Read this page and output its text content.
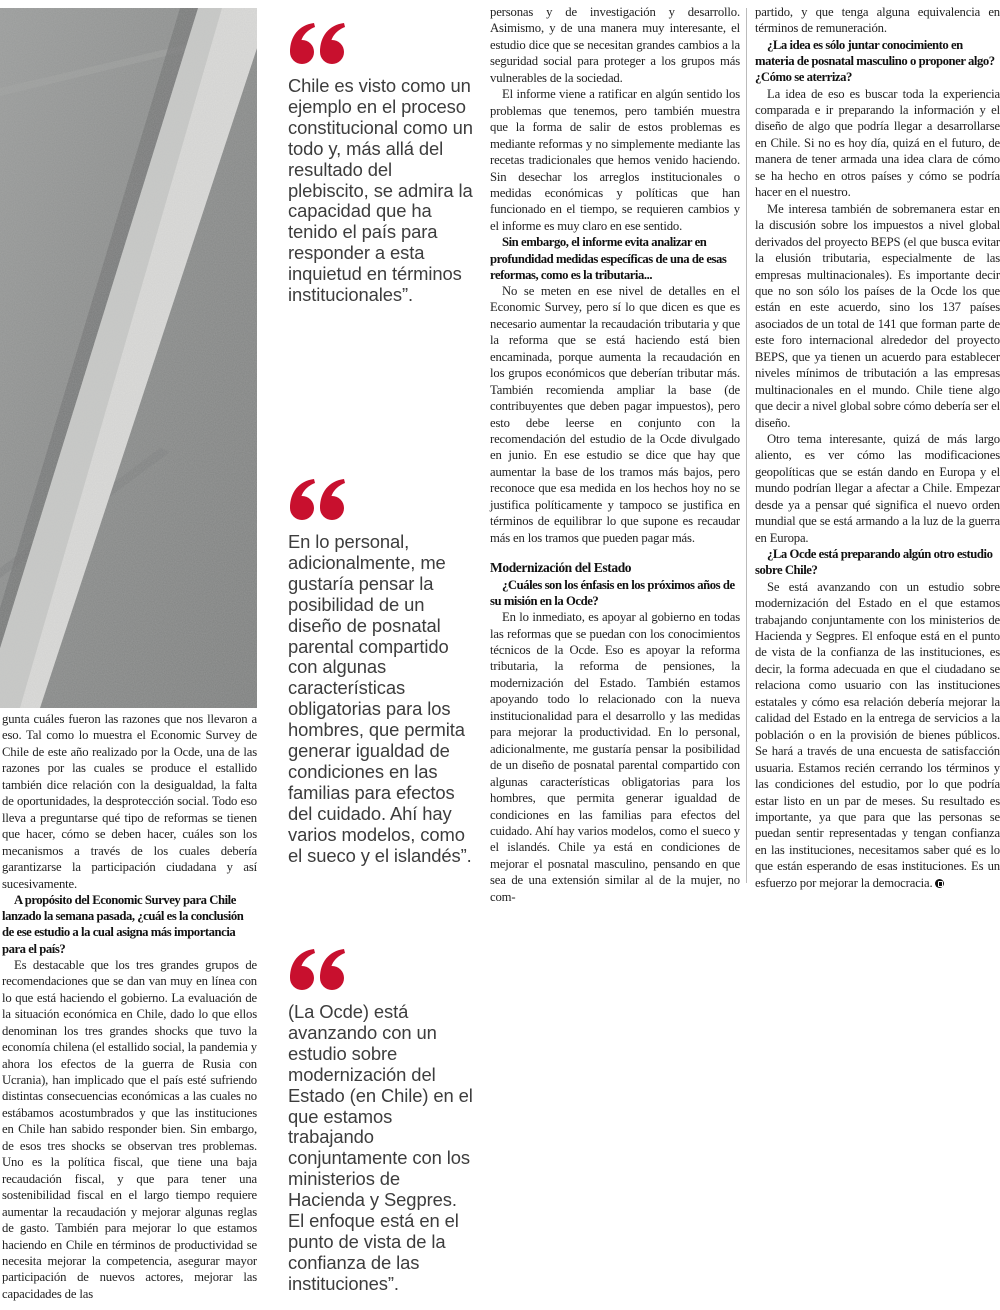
gunta cuáles fueron las razones que nos llevaron a eso. Tal como lo muestra el Economic Survey de Chile de este año realizado por la Ocde, una de las razones por las cuales se produce el estallido también dice relación con la desigualdad, la falta de oportunidades, la desprotección social. Todo eso lleva a preguntarse qué tipo de reformas se tienen que hacer, cómo se deben hacer, cuáles son los mecanismos a través de los cuales debería garantizarse la participación ciudadana y así sucesivamente.

A propósito del Economic Survey para Chile lanzado la semana pasada, ¿cuál es la conclusión de ese estudio a la cual asigna más importancia para el país?

Es destacable que los tres grandes grupos de recomendaciones que se dan van muy en línea con lo que está haciendo el gobierno. La evaluación de la situación económica en Chile, dado lo que ellos denominan los tres grandes shocks que tuvo la economía chilena (el estallido social, la pandemia y ahora los efectos de la guerra de Rusia con Ucrania), han implicado que el país esté sufriendo distintas consecuencias económicas a las cuales no estábamos acostumbrados y que las instituciones en Chile han sabido responder bien. Sin embargo, de esos tres shocks se observan tres problemas. Uno es la política fiscal, que tiene una baja recaudación fiscal, y que para tener una sostenibilidad fiscal en el largo tiempo requiere aumentar la recaudación y mejorar algunas reglas de gasto. También para mejorar lo que estamos haciendo en Chile en términos de productividad se necesita mejorar la competencia, asegurar mayor participación de nuevos actores, mejorar las capacidades de las

Chile es visto como un ejemplo en el proceso constitucional como un todo y, más allá del resultado del plebiscito, se admira la capacidad que ha tenido el país para responder a esta inquietud en términos institucionales”.
En lo personal, adicionalmente, me gustaría pensar la posibilidad de un diseño de posnatal parental compartido con algunas características obligatorias para los hombres, que permita generar igualdad de condiciones en las familias para efectos del cuidado. Ahí hay varios modelos, como el sueco y el islandés”.
(La Ocde) está avanzando con un estudio sobre modernización del Estado (en Chile) en el que estamos trabajando conjuntamente con los ministerios de Hacienda y Segpres. El enfoque está en el punto de vista de la confianza de las instituciones”.

personas y de investigación y desarrollo. Asimismo, y de una manera muy interesante, el estudio dice que se necesitan grandes cambios a la seguridad social para proteger a los grupos más vulnerables de la sociedad.

El informe viene a ratificar en algún sentido los problemas que tenemos, pero también muestra que la forma de salir de estos problemas es mediante reformas y no simplemente mediante las recetas tradicionales que hemos venido haciendo. Sin desechar los arreglos institucionales o medidas económicas y políticas que han funcionado en el tiempo, se requieren cambios y el informe es muy claro en ese sentido.

Sin embargo, el informe evita analizar en profundidad medidas específicas de una de esas reformas, como es la tributaria...

No se meten en ese nivel de detalles en el Economic Survey, pero sí lo que dicen es que es necesario aumentar la recaudación tributaria y que la reforma que se está haciendo está bien encaminada, porque aumenta la recaudación en los grupos económicos que deberían tributar más. También recomienda ampliar la base (de contribuyentes que deben pagar impuestos), pero esto debe leerse en conjunto con la recomendación del estudio de la Ocde divulgado en junio. En ese estudio se dice que hay que aumentar la base de los tramos más bajos, pero reconoce que esa medida en los hechos hoy no se justifica políticamente y tampoco se justifica en términos de equilibrar lo que supone es recaudar más en los tramos que pueden pagar más.

Modernización del Estado

¿Cuáles son los énfasis en los próximos años de su misión en la Ocde?

En lo inmediato, es apoyar al gobierno en todas las reformas que se puedan con los conocimientos técnicos de la Ocde. Eso es apoyar la reforma tributaria, la reforma de pensiones, la modernización del Estado. También estamos apoyando todo lo relacionado con la nueva institucionalidad para el desarrollo y las medidas para mejorar la productividad. En lo personal, adicionalmente, me gustaría pensar la posibilidad de un diseño de posnatal parental compartido con algunas características obligatorias para los hombres, que permita generar igualdad de condiciones en las familias para efectos del cuidado. Ahí hay varios modelos, como el sueco y el islandés. Chile ya está en condiciones de mejorar el posnatal masculino, pensando en que sea de una extensión similar al de la mujer, no com-

partido, y que tenga alguna equivalencia en términos de remuneración.

¿La idea es sólo juntar conocimiento en materia de posnatal masculino o proponer algo? ¿Cómo se aterriza?

La idea de eso es buscar toda la experiencia comparada e ir preparando la información y el diseño de algo que podría llegar a desarrollarse en Chile. Si no es hoy día, quizá en el futuro, de manera de tener armada una idea clara de cómo se ha hecho en otros países y cómo se podría hacer en el nuestro.

Me interesa también de sobremanera estar en la discusión sobre los impuestos a nivel global derivados del proyecto BEPS (el que busca evitar la elusión tributaria, especialmente de las empresas multinacionales). Es importante decir que no son sólo los países de la Ocde los que están en este acuerdo, sino los 137 países asociados de un total de 141 que forman parte de este foro internacional alrededor del proyecto BEPS, que ya tienen un acuerdo para establecer niveles mínimos de tributación a las empresas multinacionales en el mundo. Chile tiene algo que decir a nivel global sobre cómo debería ser el diseño.

Otro tema interesante, quizá de más largo aliento, es ver cómo las modificaciones geopolíticas que se están dando en Europa y el mundo podrían llegar a afectar a Chile. Empezar desde ya a pensar qué significa el nuevo orden mundial que se está armando a la luz de la guerra en Europa.

¿La Ocde está preparando algún otro estudio sobre Chile?

Se está avanzando con un estudio sobre modernización del Estado en el que estamos trabajando conjuntamente con los ministerios de Hacienda y Segpres. El enfoque está en el punto de vista de la confianza de las instituciones, es decir, la forma adecuada en que el ciudadano se relaciona como usuario con las instituciones estatales y cómo esa relación debería mejorar la calidad del Estado en la entrega de servicios a la población o en la provisión de bienes públicos. Se hará a través de una encuesta de satisfacción usuaria. Estamos recién cerrando los términos y las condiciones del estudio, por lo que podría estar listo en un par de meses. Su resultado es importante, ya que para que las personas se puedan sentir representadas y tengan confianza en las instituciones, necesitamos saber qué es lo que están esperando de esas instituciones. Es un esfuerzo por mejorar la democracia.
